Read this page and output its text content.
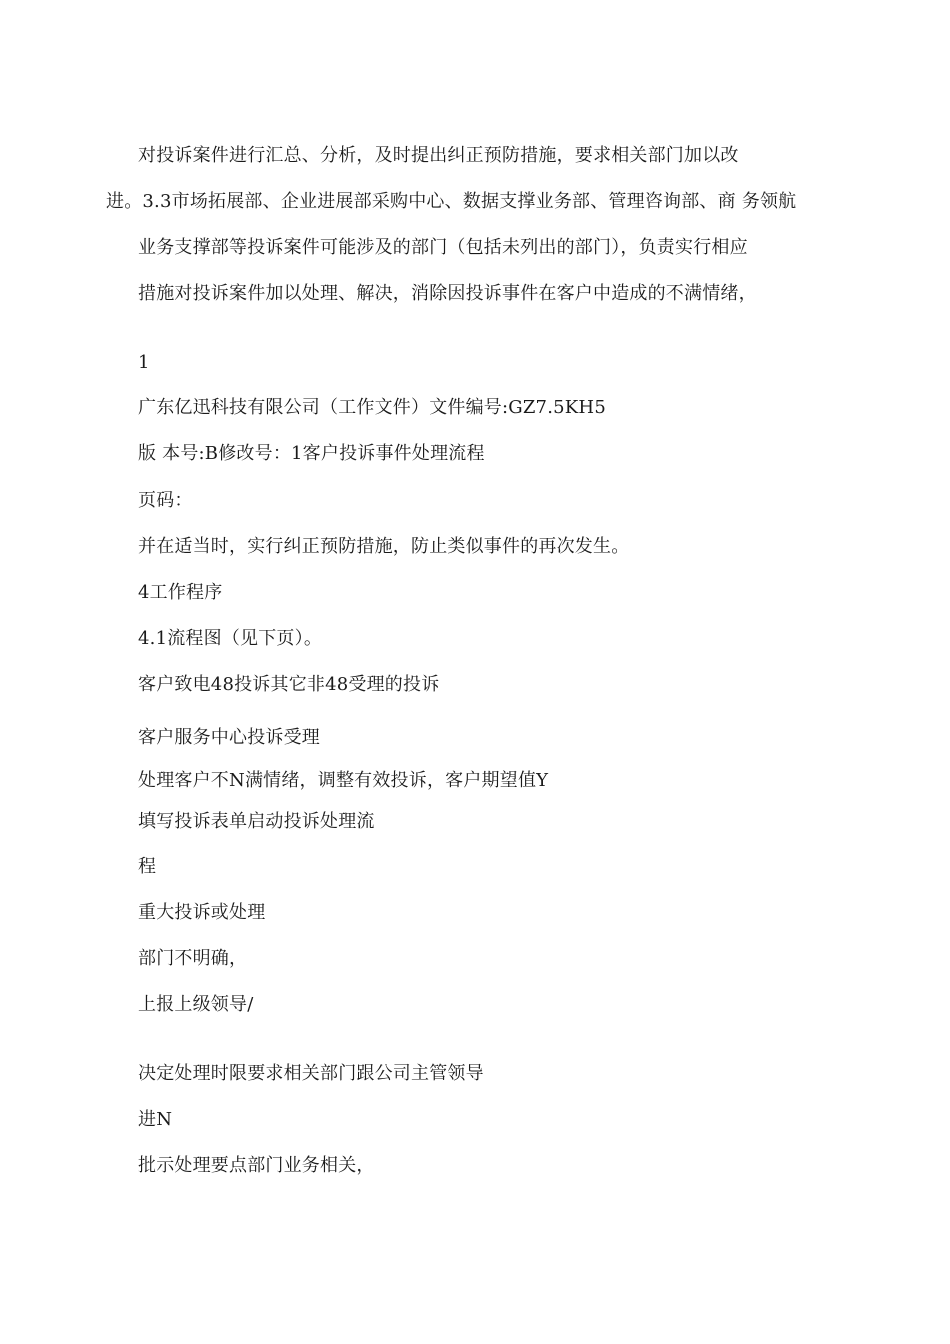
对投诉案件进行汇总、分析，及时提出纠正预防措施，要求相关部门加以改
进。3.3市场拓展部、企业进展部采购中心、数据支撑业务部、管理咨询部、商 务领航
业务支撑部等投诉案件可能涉及的部门（包括未列出的部门），负责实行相应
措施对投诉案件加以处理、解决，消除因投诉事件在客户中造成的不满情绪，
1
广东亿迅科技有限公司（工作文件）文件编号:GZ7.5KH5
版 本号:B修改号：1客户投诉事件处理流程
页码：
并在适当时，实行纠正预防措施，防止类似事件的再次发生。
4工作程序
4.1流程图（见下页）。
客户致电48投诉其它非48受理的投诉
客户服务中心投诉受理
处理客户不N满情绪，调整有效投诉，客户期望值Y
填写投诉表单启动投诉处理流
程
重大投诉或处理
部门不明确，
上报上级领导/
决定处理时限要求相关部门跟公司主管领导
进N
批示处理要点部门业务相关，
